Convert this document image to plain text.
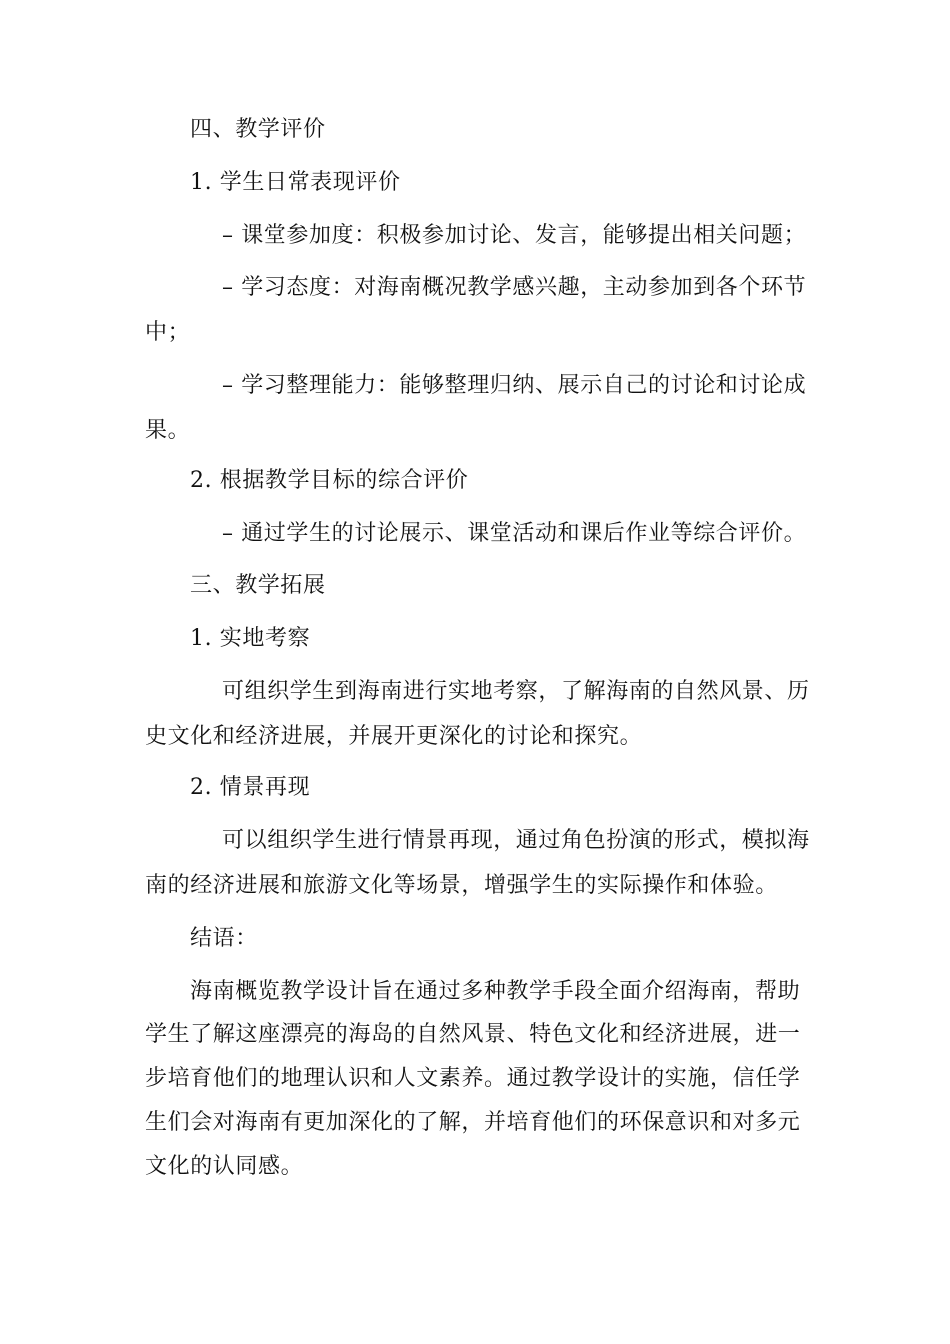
四、教学评价
1. 学生日常表现评价
– 课堂参加度：积极参加讨论、发言，能够提出相关问题；
– 学习态度：对海南概况教学感兴趣，主动参加到各个环节
中；
– 学习整理能力：能够整理归纳、展示自己的讨论和讨论成
果。
2. 根据教学目标的综合评价
– 通过学生的讨论展示、课堂活动和课后作业等综合评价。
三、教学拓展
1. 实地考察
可组织学生到海南进行实地考察，了解海南的自然风景、历
史文化和经济进展，并展开更深化的讨论和探究。
2. 情景再现
可以组织学生进行情景再现，通过角色扮演的形式，模拟海
南的经济进展和旅游文化等场景，增强学生的实际操作和体验。
结语：
海南概览教学设计旨在通过多种教学手段全面介绍海南，帮助
学生了解这座漂亮的海岛的自然风景、特色文化和经济进展，进一
步培育他们的地理认识和人文素养。通过教学设计的实施，信任学
生们会对海南有更加深化的了解，并培育他们的环保意识和对多元
文化的认同感。
